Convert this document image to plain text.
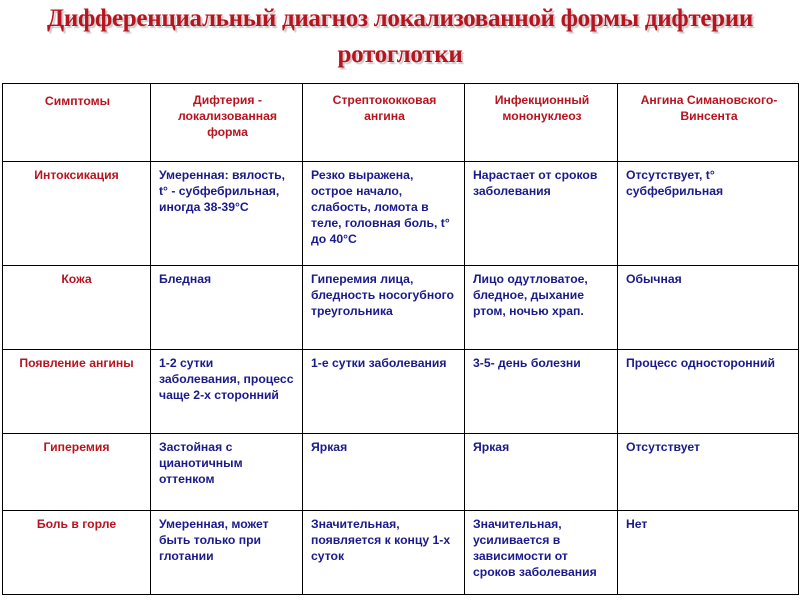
Дифференциальный диагноз локализованной формы дифтерии ротоглотки
Симптомы	Дифтерия - локализованная форма	Стрептококковая ангина	Инфекционный мононуклеоз	Ангина Симановского-Винсента
Интоксикация	Умеренная: вялость, t° - субфебрильная, иногда 38-39°С	Резко выражена, острое начало, слабость, ломота в теле, головная боль, t° до 40°С	Нарастает от сроков заболевания	Отсутствует, t° субфебрильная
Кожа	Бледная	Гиперемия лица, бледность носогубного треугольника	Лицо одутловатое, бледное, дыхание ртом, ночью храп.	Обычная
Появление ангины	1-2 сутки заболевания, процесс чаще 2-х сторонний	1-е сутки заболевания	3-5- день болезни	Процесс односторонний
Гиперемия	Застойная с цианотичным оттенком	Яркая	Яркая	Отсутствует
Боль в горле	Умеренная, может быть только при глотании	Значительная, появляется к концу 1-х суток	Значительная, усиливается в зависимости от сроков заболевания	Нет
